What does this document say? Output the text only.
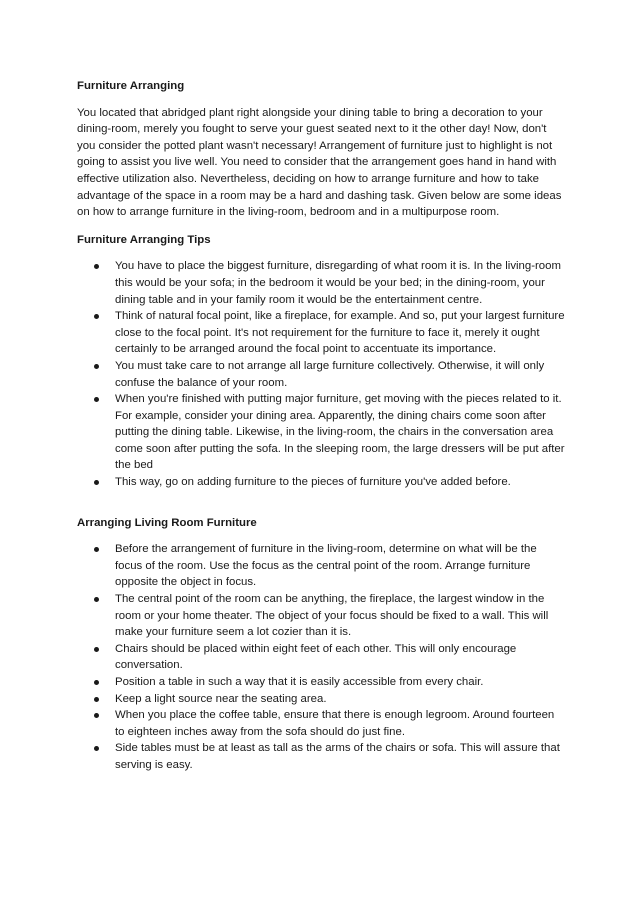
Furniture Arranging

You located that abridged plant right alongside your dining table to bring a decoration to your dining-room, merely you fought to serve your guest seated next to it the other day! Now, don't you consider the potted plant wasn't necessary! Arrangement of furniture just to highlight is not going to assist you live well. You need to consider that the arrangement goes hand in hand with effective utilization also. Nevertheless, deciding on how to arrange furniture and how to take advantage of the space in a room may be a hard and dashing task. Given below are some ideas on how to arrange furniture in the living-room, bedroom and in a multipurpose room.

Furniture Arranging Tips

You have to place the biggest furniture, disregarding of what room it is. In the living-room this would be your sofa; in the bedroom it would be your bed; in the dining-room, your dining table and in your family room it would be the entertainment centre.
Think of natural focal point, like a fireplace, for example. And so, put your largest furniture close to the focal point. It's not requirement for the furniture to face it, merely it ought certainly to be arranged around the focal point to accentuate its importance.
You must take care to not arrange all large furniture collectively. Otherwise, it will only confuse the balance of your room.
When you're finished with putting major furniture, get moving with the pieces related to it. For example, consider your dining area. Apparently, the dining chairs come soon after putting the dining table. Likewise, in the living-room, the chairs in the conversation area come soon after putting the sofa. In the sleeping room, the large dressers will be put after the bed
This way, go on adding furniture to the pieces of furniture you've added before.

Arranging Living Room Furniture

Before the arrangement of furniture in the living-room, determine on what will be the focus of the room. Use the focus as the central point of the room. Arrange furniture opposite the object in focus.
The central point of the room can be anything, the fireplace, the largest window in the room or your home theater. The object of your focus should be fixed to a wall. This will make your furniture seem a lot cozier than it is.
Chairs should be placed within eight feet of each other. This will only encourage conversation.
Position a table in such a way that it is easily accessible from every chair.
Keep a light source near the seating area.
When you place the coffee table, ensure that there is enough legroom. Around fourteen to eighteen inches away from the sofa should do just fine.
Side tables must be at least as tall as the arms of the chairs or sofa. This will assure that serving is easy.
